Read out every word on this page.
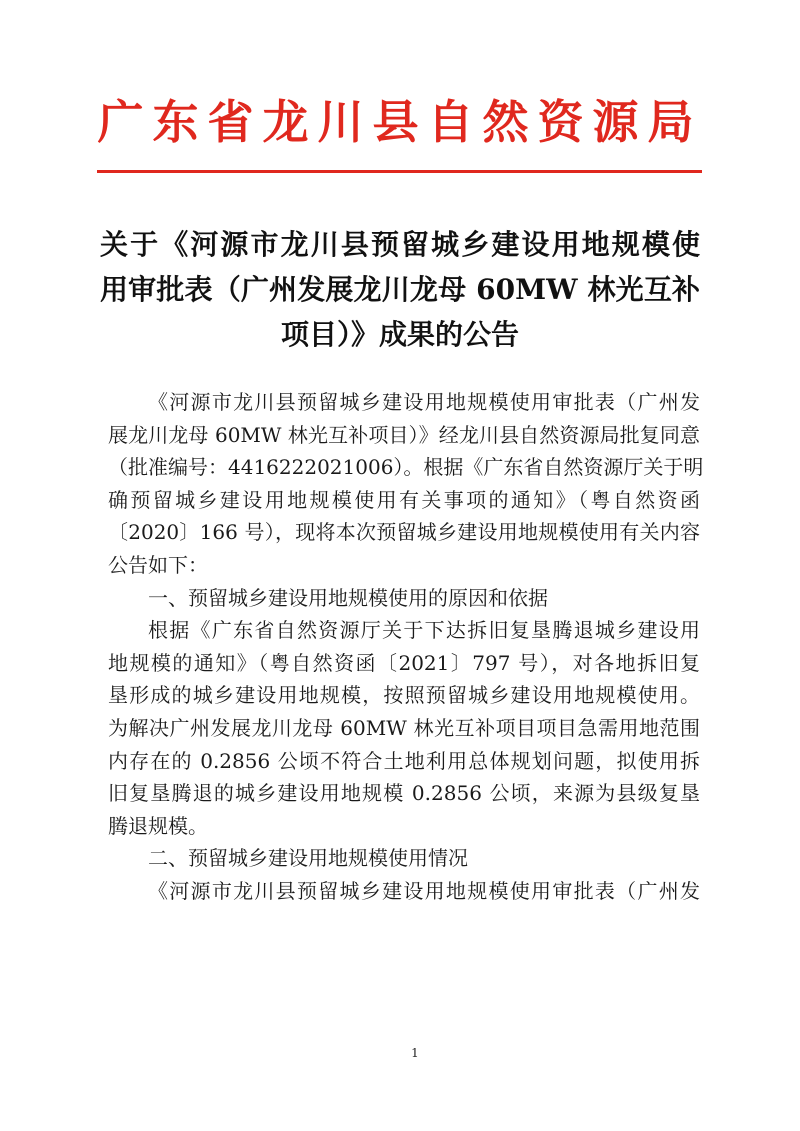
广东省龙川县自然资源局
关于《河源市龙川县预留城乡建设用地规模使
用审批表（广州发展龙川龙母 60MW 林光互补
项目）》成果的公告
《河源市龙川县预留城乡建设用地规模使用审批表（广州发
展龙川龙母 60MW 林光互补项目）》经龙川县自然资源局批复同意
（批准编号：4416222021006）。根据《广东省自然资源厅关于明
确预留城乡建设用地规模使用有关事项的通知》（粤自然资函
〔2020〕166 号），现将本次预留城乡建设用地规模使用有关内容
公告如下：
一、预留城乡建设用地规模使用的原因和依据
根据《广东省自然资源厅关于下达拆旧复垦腾退城乡建设用
地规模的通知》（粤自然资函〔2021〕797 号），对各地拆旧复
垦形成的城乡建设用地规模，按照预留城乡建设用地规模使用。
为解决广州发展龙川龙母 60MW 林光互补项目项目急需用地范围
内存在的 0.2856 公顷不符合土地利用总体规划问题，拟使用拆
旧复垦腾退的城乡建设用地规模 0.2856 公顷，来源为县级复垦
腾退规模。
二、预留城乡建设用地规模使用情况
《河源市龙川县预留城乡建设用地规模使用审批表（广州发
1
